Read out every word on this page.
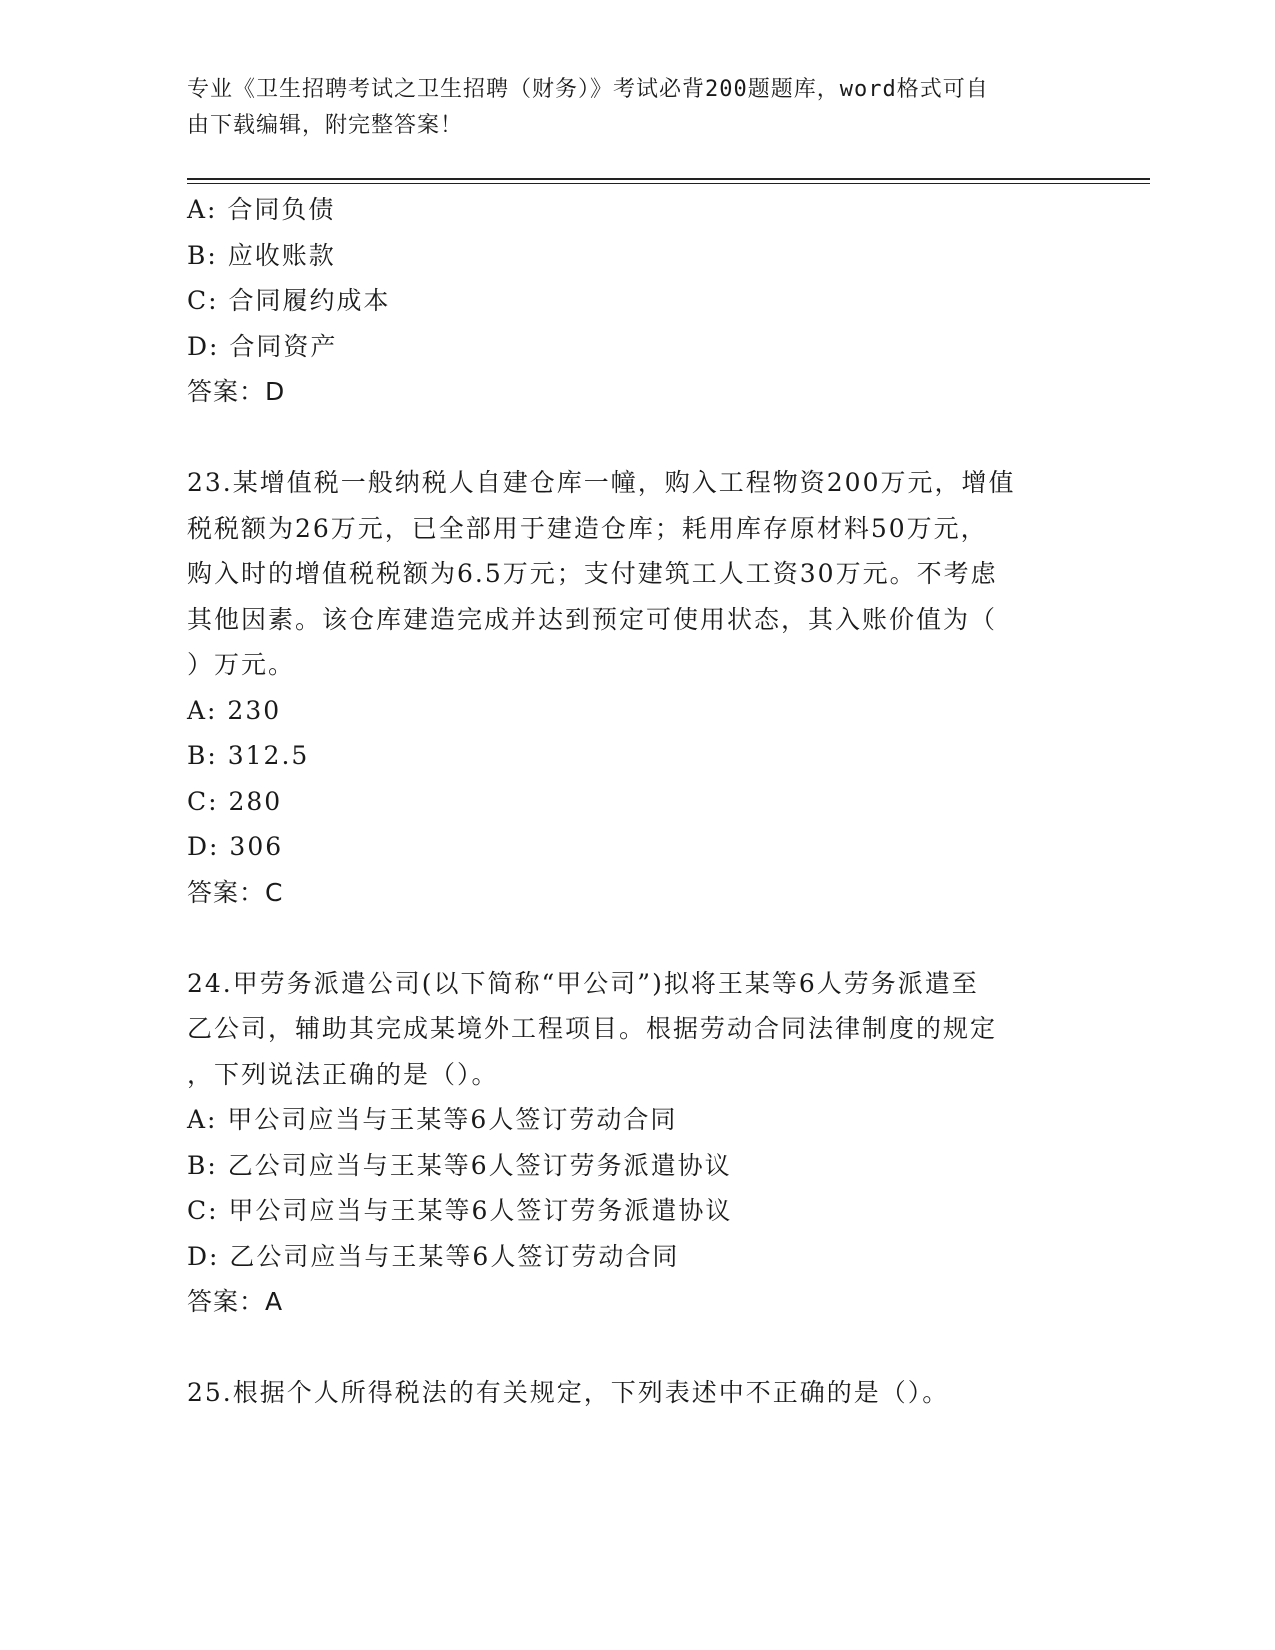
专业《卫生招聘考试之卫生招聘（财务）》考试必背200题题库，word格式可自
由下载编辑，附完整答案！
A: 合同负债
B: 应收账款
C: 合同履约成本
D: 合同资产
答案：D
23.某增值税一般纳税人自建仓库一幢，购入工程物资200万元，增值
税税额为26万元，已全部用于建造仓库；耗用库存原材料50万元，
购入时的增值税税额为6.5万元；支付建筑工人工资30万元。不考虑
其他因素。该仓库建造完成并达到预定可使用状态，其入账价值为（
）万元。
A: 230
B: 312.5
C: 280
D: 306
答案：C
24.甲劳务派遣公司(以下简称“甲公司”)拟将王某等6人劳务派遣至
乙公司，辅助其完成某境外工程项目。根据劳动合同法律制度的规定
，下列说法正确的是（）。
A: 甲公司应当与王某等6人签订劳动合同
B: 乙公司应当与王某等6人签订劳务派遣协议
C: 甲公司应当与王某等6人签订劳务派遣协议
D: 乙公司应当与王某等6人签订劳动合同
答案：A
25.根据个人所得税法的有关规定，下列表述中不正确的是（）。
